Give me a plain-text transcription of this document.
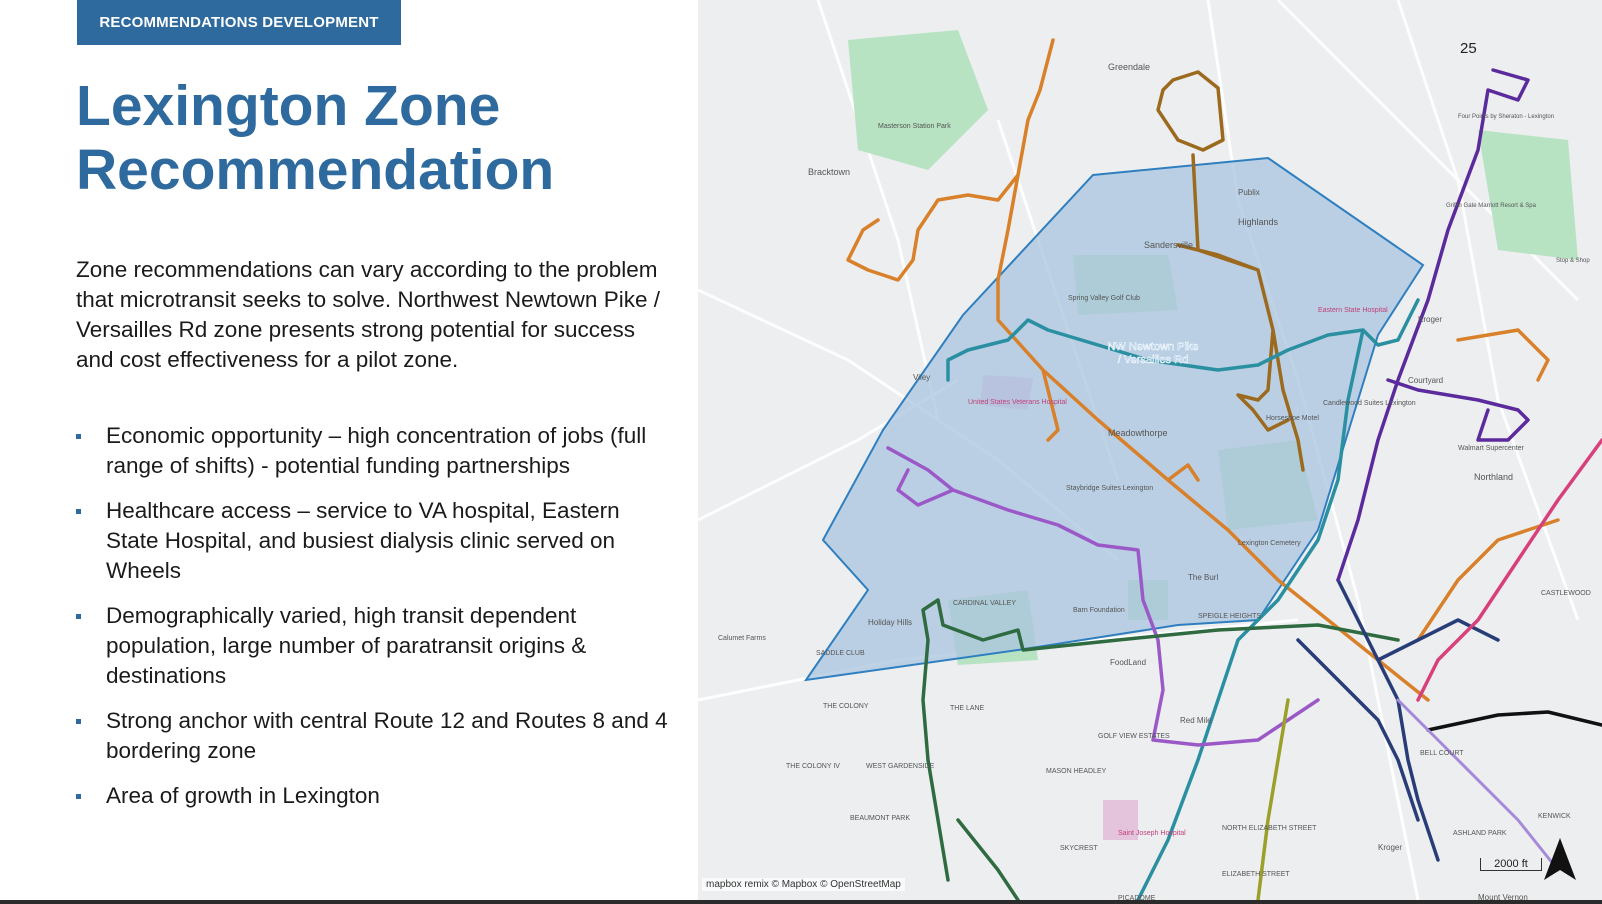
RECOMMENDATIONS DEVELOPMENT
Lexington Zone Recommendation
Zone recommendations can vary according to the problem that microtransit seeks to solve. Northwest Newtown Pike / Versailles Rd zone presents strong potential for success and cost effectiveness for a pilot zone.
Economic opportunity – high concentration of jobs (full range of shifts) - potential funding partnerships
Healthcare access – service to VA hospital, Eastern State Hospital, and busiest dialysis clinic served on Wheels
Demographically varied, high transit dependent population, large number of paratransit origins & destinations
Strong anchor with central Route 12 and Routes 8 and 4 bordering zone
Area of growth in Lexington
Greendale
Bracktown
Masterson Station Park
Sandersville
Highlands
Publix
Spring Valley Golf Club
Eastern State Hospital
Kroger
Courtyard
United States Veterans Hospital
Meadowthorpe
Horseshoe Motel
Candlewood Suites Lexington
Walmart Supercenter
Northland
Staybridge Suites Lexington
Lexington Cemetery
The Burl
CARDINAL VALLEY
Barn Foundation
SPEIGLE HEIGHTS
Holiday Hills
Calumet Farms
SADDLE CLUB
FoodLand
THE COLONY	THE LANE
Red Mile
GOLF VIEW ESTATES
THE COLONY IV	WEST GARDENSIDE
MASON HEADLEY
BEAUMONT PARK
Saint Joseph Hospital
SKYCREST
NORTH ELIZABETH STREET
Kroger
ASHLAND PARK
KENWICK
BELL COURT
Four Points by Sheraton - Lexington
Griffin Gate Marriott Resort & Spa
Stop & Shop
Viley
PICADOME
ELIZABETH STREET
CASTLEWOOD
Mount Vernon
NW Newtown Pike
/ Versailles Rd
25
mapbox remix © Mapbox © OpenStreetMap
2000 ft
